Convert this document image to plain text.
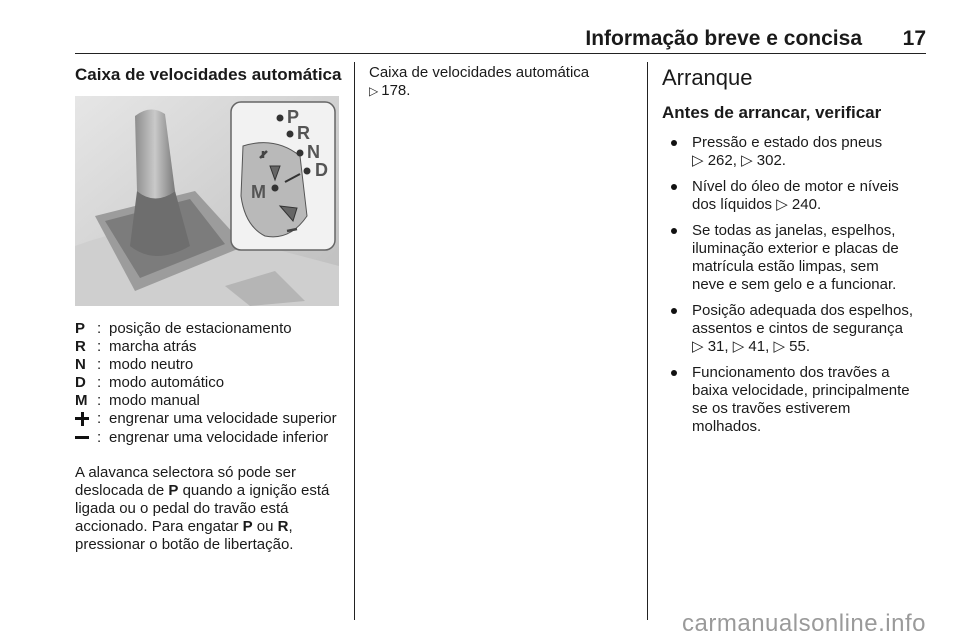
Informação breve e concisa 17
Caixa de velocidades automática
P
R
N
D
M
P : posição de estacionamento
R : marcha atrás
N : modo neutro
D : modo automático
M : modo manual
: engrenar uma velocidade superior
: engrenar uma velocidade inferior
A alavanca selectora só pode ser deslocada de P quando a ignição está ligada ou o pedal do travão está accionado. Para engatar P ou R, pressionar o botão de libertação.
Caixa de velocidades automática
▷ 178.
Arranque
Antes de arrancar, verificar
Pressão e estado dos pneus
▷ 262, ▷ 302.
Nível do óleo de motor e níveis
dos líquidos ▷ 240.
Se todas as janelas, espelhos,
iluminação exterior e placas de
matrícula estão limpas, sem
neve e sem gelo e a funcionar.
Posição adequada dos espelhos,
assentos e cintos de segurança
▷ 31, ▷ 41, ▷ 55.
Funcionamento dos travões a
baixa velocidade, principalmente
se os travões estiverem
molhados.
carmanualsonline.info
